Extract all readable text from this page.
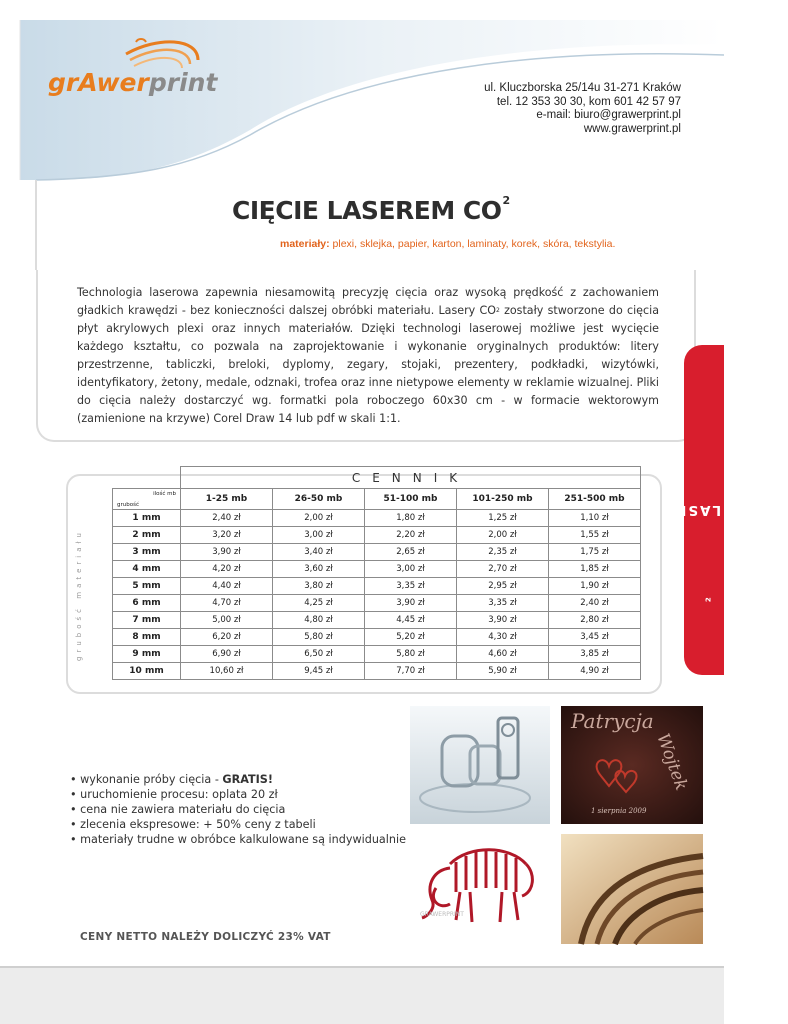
grAwerprint	ul. Kluczborska 25/14u 31-271 Kraków
tel. 12 353 30 30, kom 601 42 57 97
e-mail: biuro@grawerprint.pl
www.grawerprint.pl
CIĘCIE LASEREM $CO^2$
materiały: plexi, sklejka, papier, karton, laminaty, korek, skóra, tekstylia.
Technologia laserowa zapewnia niesamowitą precyzję cięcia oraz wysoką prędkość z zachowaniem gładkich krawędzi - bez konieczności dalszej obróbki materiału. Lasery $CO^2$ zostały stworzone do cięcia płyt akrylowych plexi oraz innych materiałów. Dzięki technologi laserowej możliwe jest wycięcie każdego kształtu, co pozwala na zaprojektowanie i wykonanie oryginalnych produktów: litery przestrzenne, tabliczki, breloki, dyplomy, zegary, stojaki, prezentery, podkładki, wizytówki, identyfikatory, żetony, medale, odznaki, trofea oraz inne nietypowe elementy w reklamie wizualnej. Pliki do cięcia należy dostarczyć wg. formatki pola roboczego 60x30 cm - w formacie wektorowym (zamienione na krzywe) Corel Draw 14 lub pdf w skali 1:1.
CIĘCIE LASEREM CO
$^2$
grubość materiału
	CENNIK				

ilość mb
grubość	1-25 mb	26-50 mb	51-100 mb	101-250 mb	251-500 mb
1 mm	2,40 zł	2,00 zł	1,80 zł	1,25 zł	1,10 zł
2 mm	3,20 zł	3,00 zł	2,20 zł	2,00 zł	1,55 zł
3 mm	3,90 zł	3,40 zł	2,65 zł	2,35 zł	1,75 zł
4 mm	4,20 zł	3,60 zł	3,00 zł	2,70 zł	1,85 zł
5 mm	4,40 zł	3,80 zł	3,35 zł	2,95 zł	1,90 zł
6 mm	4,70 zł	4,25 zł	3,90 zł	3,35 zł	2,40 zł
7 mm	5,00 zł	4,80 zł	4,45 zł	3,90 zł	2,80 zł
8 mm	6,20 zł	5,80 zł	5,20 zł	4,30 zł	3,45 zł
9 mm	6,90 zł	6,50 zł	5,80 zł	4,60 zł	3,85 zł
10 mm	10,60 zł	9,45 zł	7,70 zł	5,90 zł	4,90 zł
Patrycja
Wojtek
1 sierpnia 2009
GRAWERPRINT
• wykonanie próby cięcia - GRATIS!
• uruchomienie procesu: oplata 20 zł
• cena nie zawiera materiału do cięcia
• zlecenia ekspresowe: + 50% ceny z tabeli
• materiały trudne w obróbce kalkulowane są indywidualnie
CENY NETTO NALEŻY DOLICZYĆ 23% VAT
